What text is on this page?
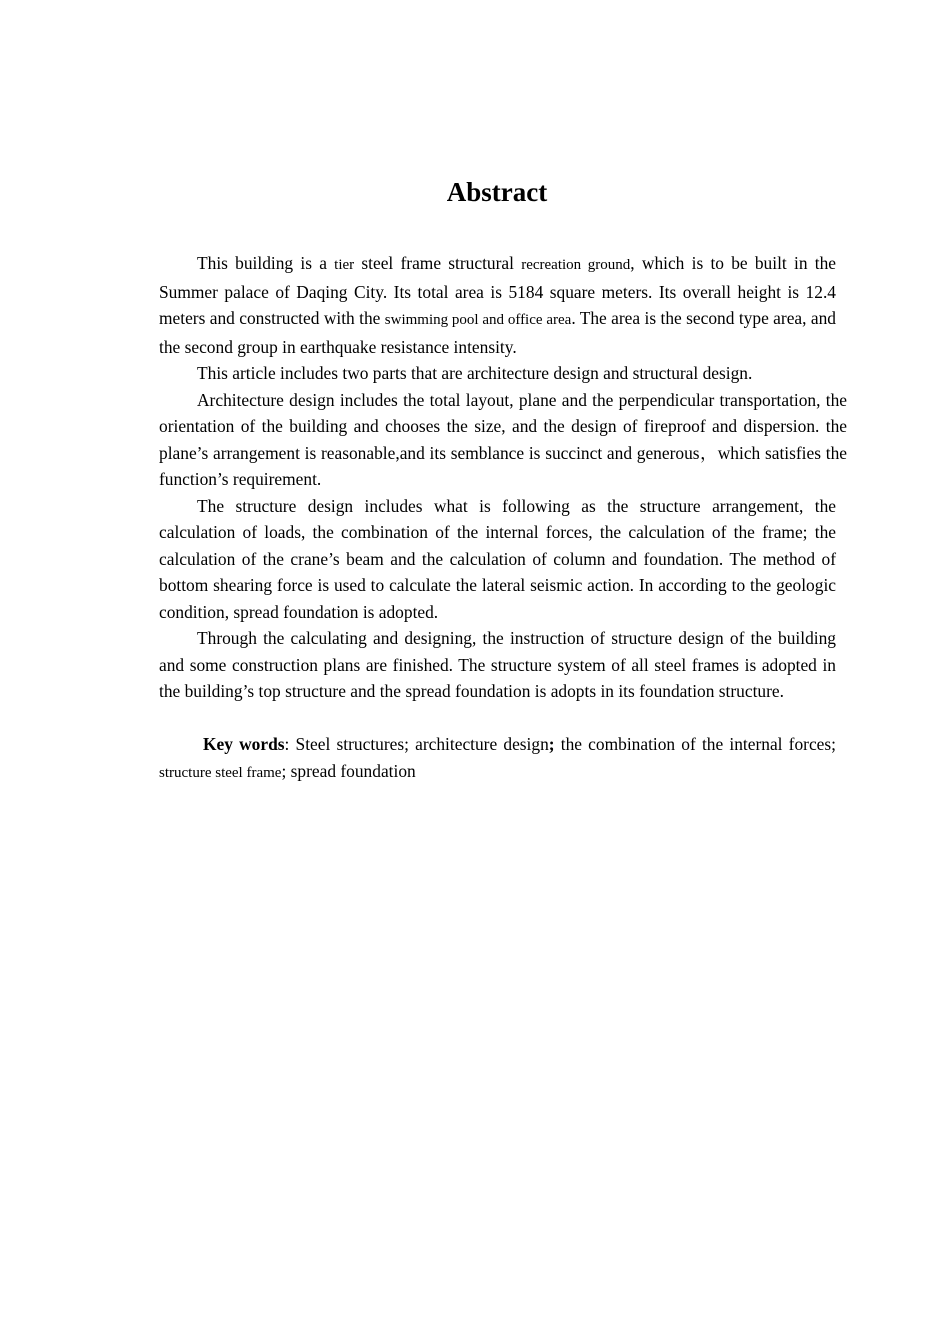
Abstract

This building is a tier steel frame structural recreation ground, which is to be built in the Summer palace of Daqing City. Its total area is 5184 square meters. Its overall height is 12.4 meters and constructed with the swimming pool and office area. The area is the second type area, and the second group in earthquake resistance intensity.

This article includes two parts that are architecture design and structural design.

Architecture design includes the total layout, plane and the perpendicular transportation, the orientation of the building and chooses the size, and the design of fireproof and dispersion. the plane’s arrangement is reasonable,and its semblance is succinct and generous，which satisfies the function’s requirement.

The structure design includes what is following as the structure arrangement, the calculation of loads, the combination of the internal forces, the calculation of the frame; the calculation of the crane’s beam and the calculation of column and foundation. The method of bottom shearing force is used to calculate the lateral seismic action. In according to the geologic condition, spread foundation is adopted.

Through the calculating and designing, the instruction of structure design of the building and some construction plans are finished. The structure system of all steel frames is adopted in the building’s top structure and the spread foundation is adopts in its foundation structure.

Key words: Steel structures; architecture design; the combination of the internal forces; structure steel frame; spread foundation
